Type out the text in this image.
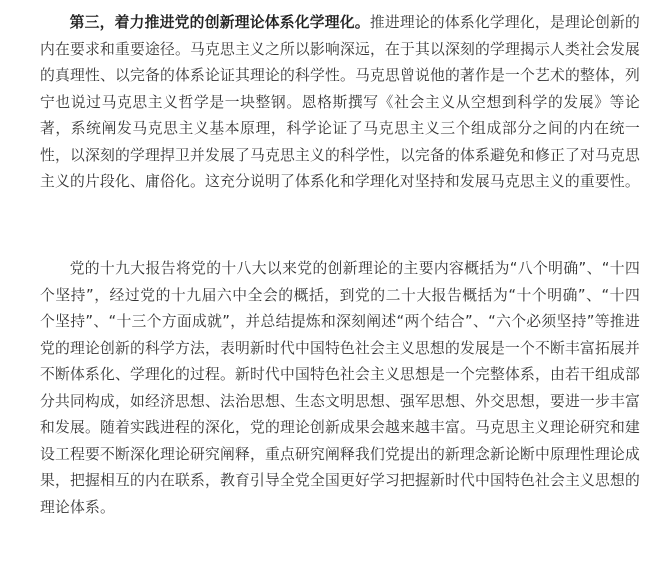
第三，着力推进党的创新理论体系化学理化。推进理论的体系化学理化，是理论创新的内在要求和重要途径。马克思主义之所以影响深远，在于其以深刻的学理揭示人类社会发展的真理性、以完备的体系论证其理论的科学性。马克思曾说他的著作是一个艺术的整体，列宁也说过马克思主义哲学是一块整钢。恩格斯撰写《社会主义从空想到科学的发展》等论著，系统阐发马克思主义基本原理，科学论证了马克思主义三个组成部分之间的内在统一性，以深刻的学理捍卫并发展了马克思主义的科学性，以完备的体系避免和修正了对马克思主义的片段化、庸俗化。这充分说明了体系化和学理化对坚持和发展马克思主义的重要性。

党的十九大报告将党的十八大以来党的创新理论的主要内容概括为“八个明确”、“十四个坚持”，经过党的十九届六中全会的概括，到党的二十大报告概括为“十个明确”、“十四个坚持”、“十三个方面成就”，并总结提炼和深刻阐述“两个结合”、“六个必须坚持”等推进党的理论创新的科学方法，表明新时代中国特色社会主义思想的发展是一个不断丰富拓展并不断体系化、学理化的过程。新时代中国特色社会主义思想是一个完整体系，由若干组成部分共同构成，如经济思想、法治思想、生态文明思想、强军思想、外交思想，要进一步丰富和发展。随着实践进程的深化，党的理论创新成果会越来越丰富。马克思主义理论研究和建设工程要不断深化理论研究阐释，重点研究阐释我们党提出的新理念新论断中原理性理论成果，把握相互的内在联系，教育引导全党全国更好学习把握新时代中国特色社会主义思想的理论体系。
